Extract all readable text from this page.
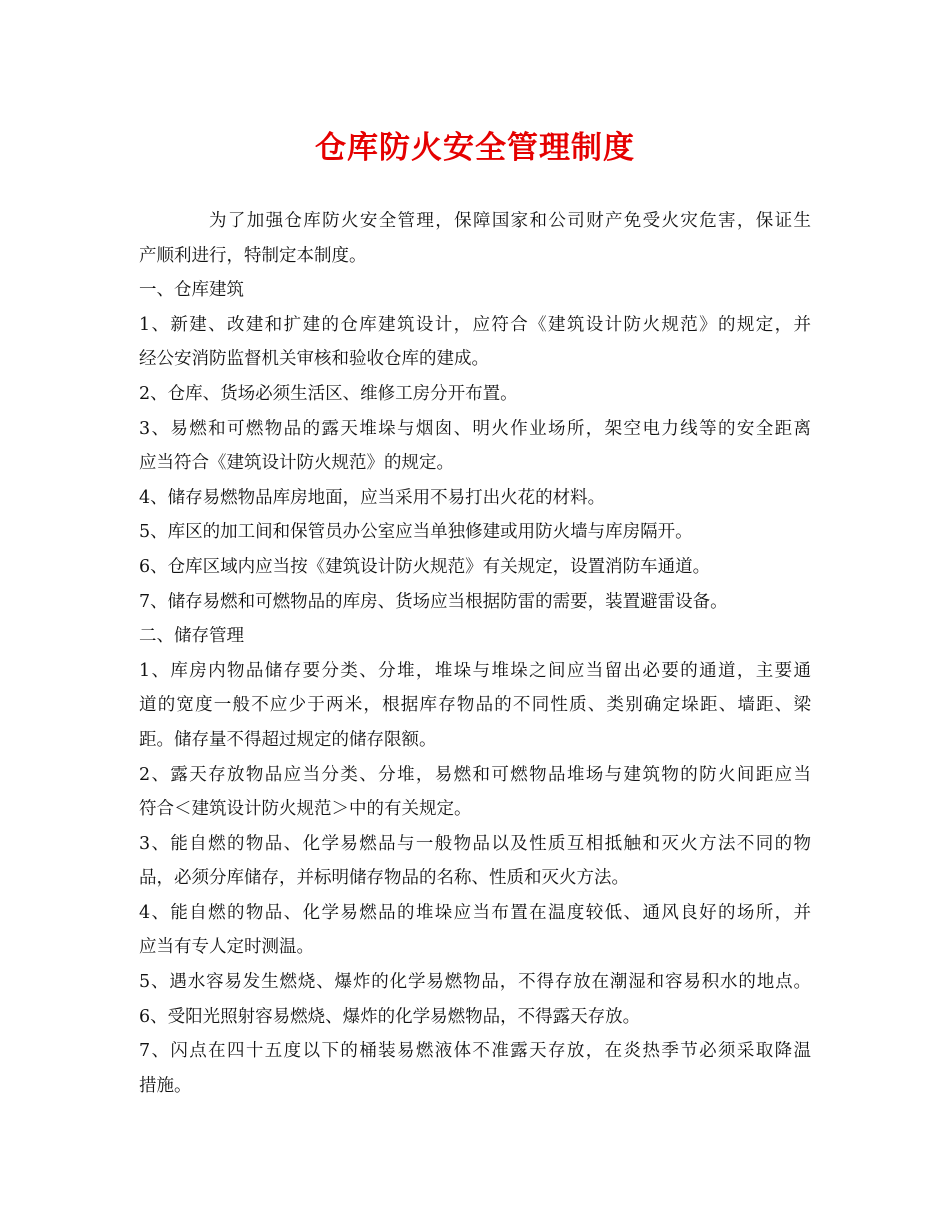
仓库防火安全管理制度

为了加强仓库防火安全管理，保障国家和公司财产免受火灾危害，保证生

产顺利进行，特制定本制度。

一、仓库建筑

1、新建、改建和扩建的仓库建筑设计，应符合《建筑设计防火规范》的规定，并

经公安消防监督机关审核和验收仓库的建成。

2、仓库、货场必须生活区、维修工房分开布置。

3、易燃和可燃物品的露天堆垛与烟囱、明火作业场所，架空电力线等的安全距离

应当符合《建筑设计防火规范》的规定。

4、储存易燃物品库房地面，应当采用不易打出火花的材料。

5、库区的加工间和保管员办公室应当单独修建或用防火墙与库房隔开。

6、仓库区域内应当按《建筑设计防火规范》有关规定，设置消防车通道。

7、储存易燃和可燃物品的库房、货场应当根据防雷的需要，装置避雷设备。

二、储存管理

1、库房内物品储存要分类、分堆，堆垛与堆垛之间应当留出必要的通道，主要通

道的宽度一般不应少于两米，根据库存物品的不同性质、类别确定垛距、墙距、梁

距。储存量不得超过规定的储存限额。

2、露天存放物品应当分类、分堆，易燃和可燃物品堆场与建筑物的防火间距应当

符合＜建筑设计防火规范＞中的有关规定。

3、能自燃的物品、化学易燃品与一般物品以及性质互相抵触和灭火方法不同的物

品，必须分库储存，并标明储存物品的名称、性质和灭火方法。

4、能自燃的物品、化学易燃品的堆垛应当布置在温度较低、通风良好的场所，并

应当有专人定时测温。

5、遇水容易发生燃烧、爆炸的化学易燃物品，不得存放在潮湿和容易积水的地点。

6、受阳光照射容易燃烧、爆炸的化学易燃物品，不得露天存放。

7、闪点在四十五度以下的桶装易燃液体不准露天存放，在炎热季节必须采取降温

措施。
